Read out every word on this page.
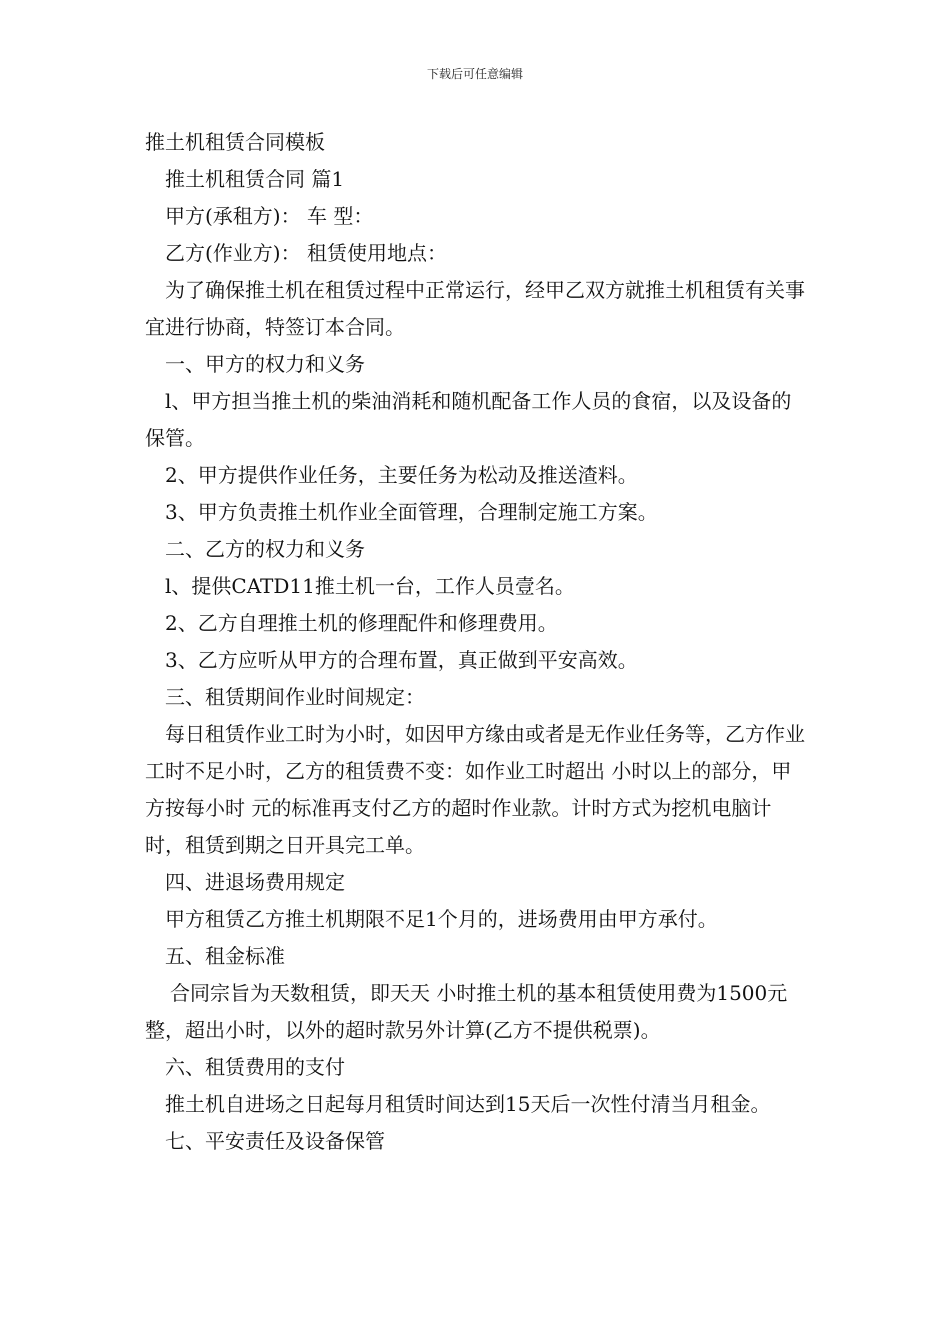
下载后可任意编辑

推土机租赁合同模板

推土机租赁合同 篇1

甲方(承租方)： 车 型：

乙方(作业方)： 租赁使用地点：

为了确保推土机在租赁过程中正常运行，经甲乙双方就推土机租赁有关事宜进行协商，特签订本合同。

一、甲方的权力和义务

l、甲方担当推土机的柴油消耗和随机配备工作人员的食宿，以及设备的保管。

2、甲方提供作业任务，主要任务为松动及推送渣料。

3、甲方负责推土机作业全面管理，合理制定施工方案。

二、乙方的权力和义务

l、提供CATD11推土机一台，工作人员壹名。

2、乙方自理推土机的修理配件和修理费用。

3、乙方应听从甲方的合理布置，真正做到平安高效。

三、租赁期间作业时间规定：

每日租赁作业工时为小时，如因甲方缘由或者是无作业任务等，乙方作业工时不足小时，乙方的租赁费不变：如作业工时超出 小时以上的部分，甲方按每小时 元的标准再支付乙方的超时作业款。计时方式为挖机电脑计时，租赁到期之日开具完工单。

四、进退场费用规定

甲方租赁乙方推土机期限不足1个月的，进场费用由甲方承付。

五、租金标准

合同宗旨为天数租赁，即天天 小时推土机的基本租赁使用费为1500元整，超出小时，以外的超时款另外计算(乙方不提供税票)。

六、租赁费用的支付

推土机自进场之日起每月租赁时间达到15天后一次性付清当月租金。

七、平安责任及设备保管
